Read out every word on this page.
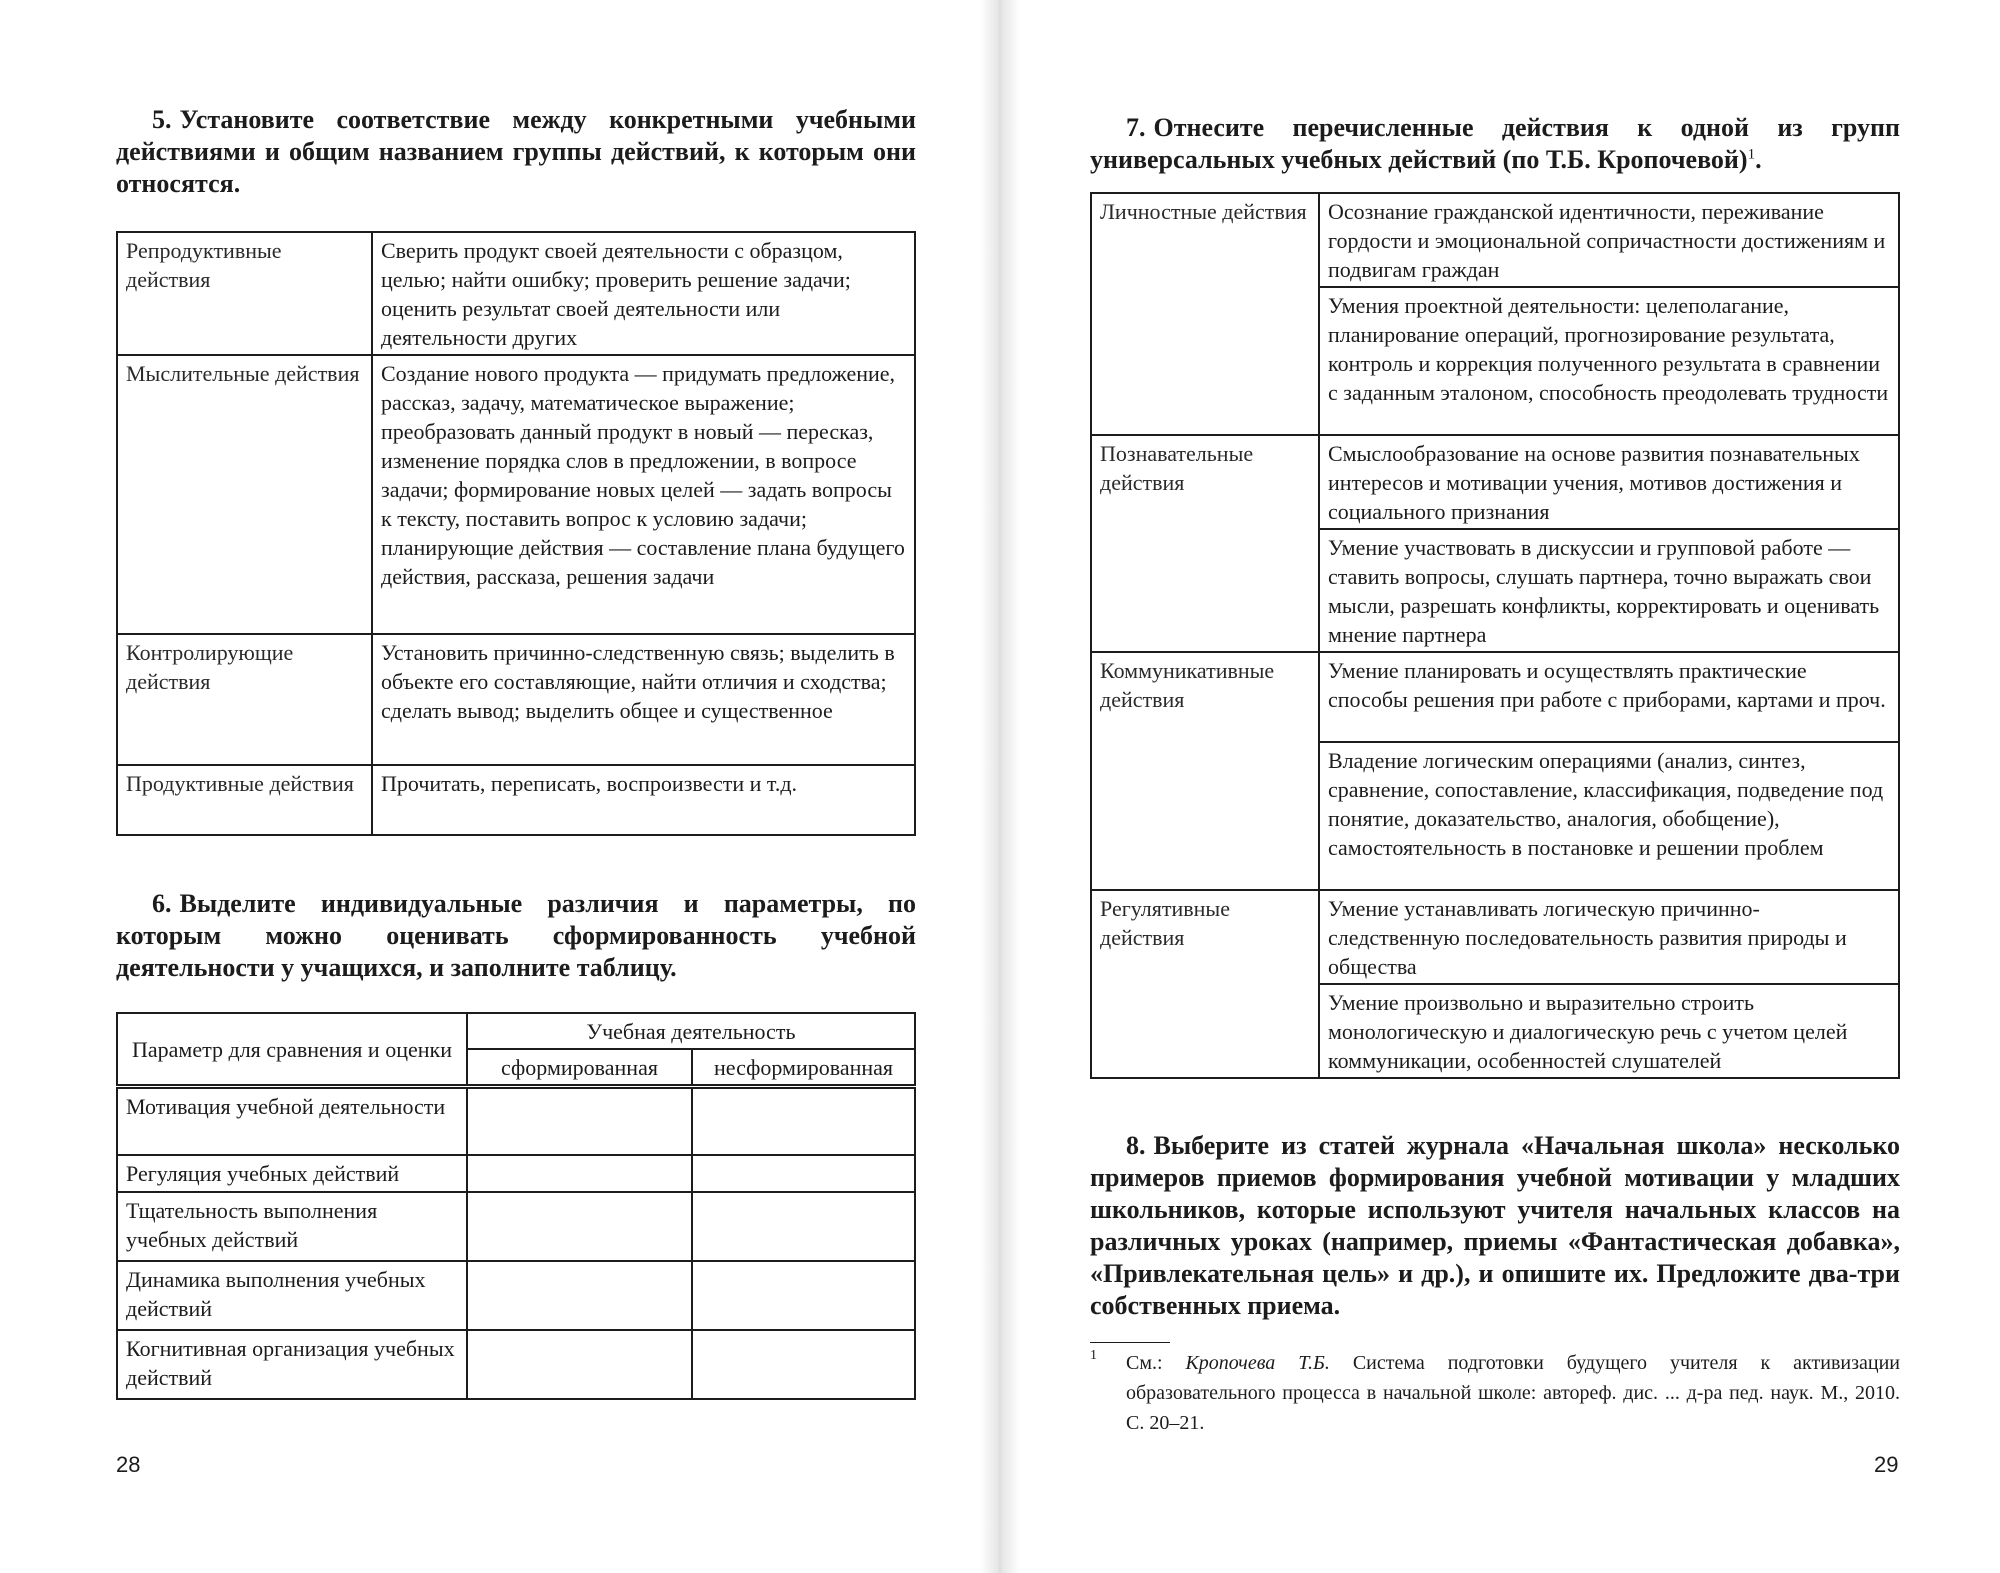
5. Установите соответствие между конкретными учебными действиями и общим названием группы действий, к которым они относятся.

Репродуктивные действия	Сверить продукт своей деятельности с образцом, целью; найти ошибку; проверить решение задачи; оценить результат своей деятельности или деятельности других
Мыслительные действия	Создание нового продукта — придумать предложение, рассказ, задачу, математическое выражение; преобразовать данный продукт в новый — пересказ, изменение порядка слов в предложении, в вопросе задачи; формирование новых целей — задать вопросы к тексту, поставить вопрос к условию задачи; планирующие действия — составление плана будущего действия, рассказа, решения задачи
Контролирующие действия	Установить причинно-следственную связь; выделить в объекте его составляющие, найти отличия и сходства; сделать вывод; выделить общее и существенное
Продуктивные действия	Прочитать, переписать, воспроизвести и т.д.

6. Выделите индивидуальные различия и параметры, по которым можно оценивать сформированность учебной деятельности у учащихся, и заполните таблицу.

Параметр для сравнения и оценки	Учебная деятельность	
	сформированная	несформированная
Мотивация учебной деятельности		
Регуляция учебных действий		
Тщательность выполнения учебных действий		
Динамика выполнения учебных действий		
Когнитивная организация учебных действий		
28

7. Отнесите перечисленные действия к одной из групп универсальных учебных действий (по Т.Б. Кропочевой)$^1$.

Личностные действия	Осознание гражданской идентичности, переживание гордости и эмоциональной сопричастности достижениям и подвигам граждан
	Умения проектной деятельности: целеполагание, планирование операций, прогнозирование результата, контроль и коррекция полученного результата в сравнении с заданным эталоном, способность преодолевать трудности
Познавательные действия	Смыслообразование на основе развития познавательных интересов и мотивации учения, мотивов достижения и социального признания
	Умение участвовать в дискуссии и групповой работе — ставить вопросы, слушать партнера, точно выражать свои мысли, разрешать конфликты, корректировать и оценивать мнение партнера
Коммуникативные действия	Умение планировать и осуществлять практические способы решения при работе с приборами, картами и проч.
	Владение логическим операциями (анализ, синтез, сравнение, сопоставление, классификация, подведение под понятие, доказательство, аналогия, обобщение), самостоятельность в постановке и решении проблем
Регулятивные действия	Умение устанавливать логическую причинно-следственную последовательность развития природы и общества
	Умение произвольно и выразительно строить монологическую и диалогическую речь с учетом целей коммуникации, особенностей слушателей

8. Выберите из статей журнала «Начальная школа» несколько примеров приемов формирования учебной мотивации у младших школьников, которые используют учителя начальных классов на различных уроках (например, приемы «Фантастическая добавка», «Привлекательная цель» и др.), и опишите их. Предложите два-три собственных приема.

1 См.: Кропочева Т.Б. Система подготовки будущего учителя к активизации образовательного процесса в начальной школе: автореф. дис. ... д-ра пед. наук. М., 2010. С. 20–21.

29
